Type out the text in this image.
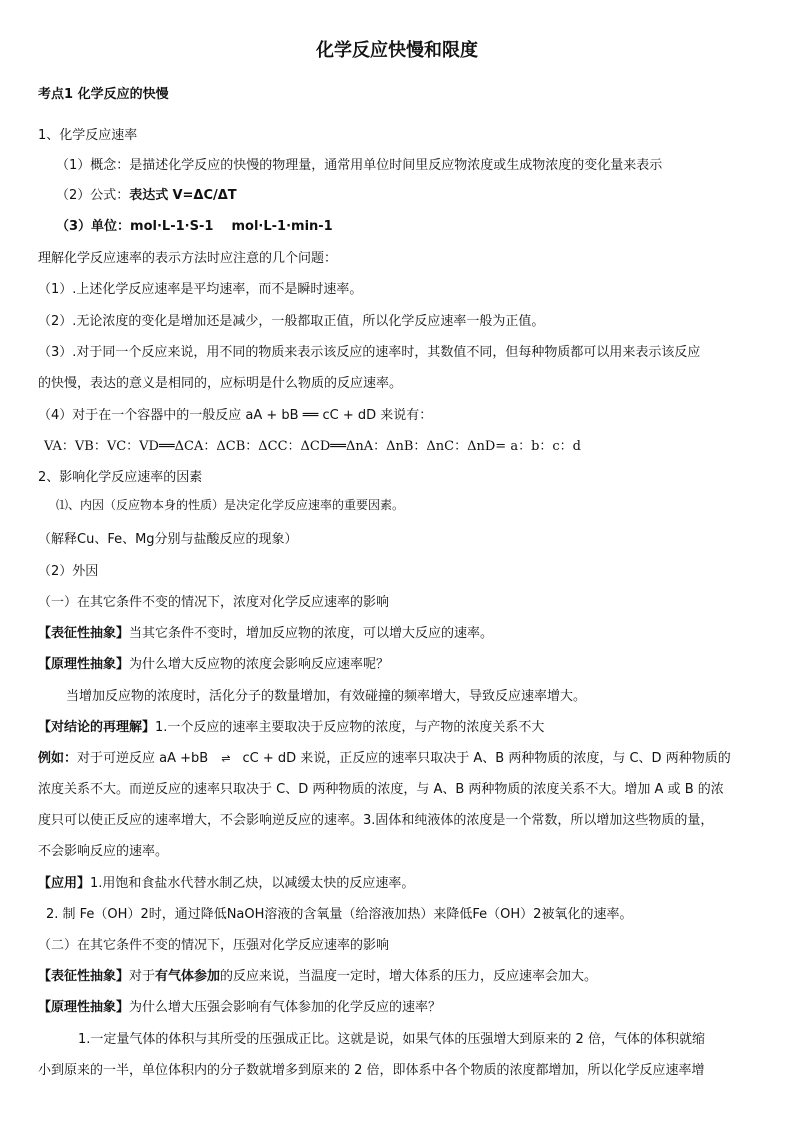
化学反应快慢和限度
考点1 化学反应的快慢
1、化学反应速率
（1）概念：是描述化学反应的快慢的物理量，通常用单位时间里反应物浓度或生成物浓度的变化量来表示
（2）公式：表达式 V=ΔC/ΔT
（3）单位：mol·L-1·S-1 mol·L-1·min-1
理解化学反应速率的表示方法时应注意的几个问题：
（1）.上述化学反应速率是平均速率，而不是瞬时速率。
（2）.无论浓度的变化是增加还是减少，一般都取正值，所以化学反应速率一般为正值。
（3）.对于同一个反应来说，用不同的物质来表示该反应的速率时，其数值不同，但每种物质都可以用来表示该反应
的快慢，表达的意义是相同的，应标明是什么物质的反应速率。
（4）对于在一个容器中的一般反应 aA + bB ══ cC + dD 来说有：
VA：VB：VC：VD══ΔCA：ΔCB：ΔCC：ΔCD══ΔnA：ΔnB：ΔnC：ΔnD= a：b：c：d
2、影响化学反应速率的因素
⑴、内因（反应物本身的性质）是决定化学反应速率的重要因素。
（解释Cu、Fe、Mg分别与盐酸反应的现象）
（2）外因
（一）在其它条件不变的情况下，浓度对化学反应速率的影响
【表征性抽象】当其它条件不变时，增加反应物的浓度，可以增大反应的速率。
【原理性抽象】为什么增大反应物的浓度会影响反应速率呢？
当增加反应物的浓度时，活化分子的数量增加，有效碰撞的频率增大，导致反应速率增大。
【对结论的再理解】1.一个反应的速率主要取决于反应物的浓度，与产物的浓度关系不大
例如：对于可逆反应 aA +bB ⇌ cC + dD 来说，正反应的速率只取决于 A、B 两种物质的浓度，与 C、D 两种物质的
浓度关系不大。而逆反应的速率只取决于 C、D 两种物质的浓度，与 A、B 两种物质的浓度关系不大。增加 A 或 B 的浓
度只可以使正反应的速率增大，不会影响逆反应的速率。3.固体和纯液体的浓度是一个常数，所以增加这些物质的量，
不会影响反应的速率。
【应用】1.用饱和食盐水代替水制乙炔，以减缓太快的反应速率。
2. 制 Fe（OH）2时，通过降低NaOH溶液的含氧量（给溶液加热）来降低Fe（OH）2被氧化的速率。
（二）在其它条件不变的情况下，压强对化学反应速率的影响
【表征性抽象】对于有气体参加的反应来说，当温度一定时，增大体系的压力，反应速率会加大。
【原理性抽象】为什么增大压强会影响有气体参加的化学反应的速率？
1.一定量气体的体积与其所受的压强成正比。这就是说，如果气体的压强增大到原来的 2 倍，气体的体积就缩
小到原来的一半，单位体积内的分子数就增多到原来的 2 倍，即体系中各个物质的浓度都增加，所以化学反应速率增
